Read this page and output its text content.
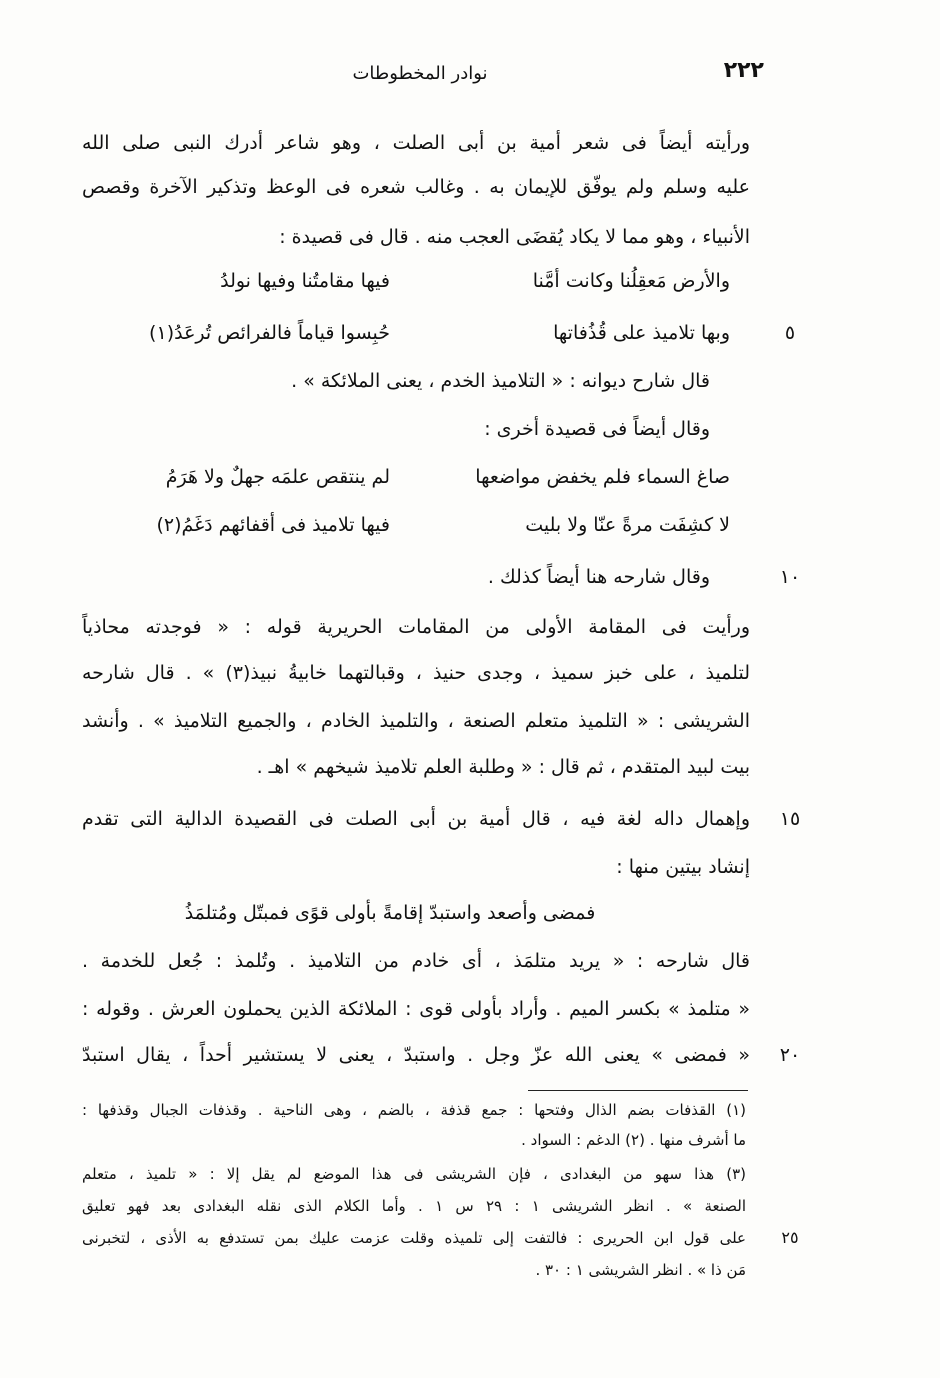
نوادر المخطوطات	٢٢٢
ورأيته أيضاً فى شعر أمية بن أبى الصلت ، وهو شاعر أدرك النبى صلى الله
عليه وسلم ولم يوفّق للإيمان به . وغالب شعره فى الوعظ وتذكير الآخرة وقصص
الأنبياء ، وهو مما لا يكاد يُقضَى العجب منه . قال فى قصيدة :
والأرض مَعقِلُنا وكانت أمَّنا
فيها مقامتُنا وفيها نولدُ
٥
وبها تلاميذ على قُذُفاتها
حُبِسوا قياماً فالفرائص تُرعَدُ(١)
قال شارح ديوانه : « التلاميذ الخدم ، يعنى الملائكة » .
وقال أيضاً فى قصيدة أخرى :
صاغ السماء فلم يخفض مواضعها
لم ينتقص علمَه جهلٌ ولا هَرَمُ
لا كشِفَت مرةً عنّا ولا بليت
فيها تلاميذ فى أقفائهم دَغَمُ(٢)
١٠
وقال شارحه هنا أيضاً كذلك .
ورأيت فى المقامة الأولى من المقامات الحريرية قوله : « فوجدته محاذياً
لتلميذ ، على خبز سميذ ، وجدى حنيذ ، وقبالتهما خابيةُ نبيذ(٣) » . قال شارحه
الشريشى : « التلميذ متعلم الصنعة ، والتلميذ الخادم ، والجميع التلاميذ » . وأنشد
بيت لبيد المتقدم ، ثم قال : « وطلبة العلم تلاميذ شيخهم » اهـ .
١٥
وإهمال داله لغة فيه ، قال أمية بن أبى الصلت فى القصيدة الدالية التى تقدم
إنشاد بيتين منها :
فمضى وأصعد واستبدّ إقامةً بأولى قوًى فمبتّل ومُتلمَذُ
قال شارحه : « يريد متلمَذ ، أى خادم من التلاميذ . وتُلمذ : جُعل للخدمة .
« متلمذ » بكسر الميم . وأراد بأولى قوى : الملائكة الذين يحملون العرش . وقوله :
٢٠
« فمضى » يعنى الله عزّ وجل . واستبدّ ، يعنى لا يستشير أحداً ، يقال استبدّ
(١) القذفات بضم الذال وفتحها : جمع قذفة ، بالضم ، وهى الناحية . وقذفات الجبال وقذفها :
ما أشرف منها . (٢) الدغم : السواد .
(٣) هذا سهو من البغدادى ، فإن الشريشى فى هذا الموضع لم يقل إلا : « تلميذ ، متعلم
الصنعة » . انظر الشريشى ١ : ٢٩ س ١ . وأما الكلام الذى نقله البغدادى بعد فهو تعليق
٢٥
على قول ابن الحريرى : فالتفت إلى تلميذه وقلت عزمت عليك بمن تستدفع به الأذى ، لتخبرنى
مَن ذا » . انظر الشريشى ١ : ٣٠ .
